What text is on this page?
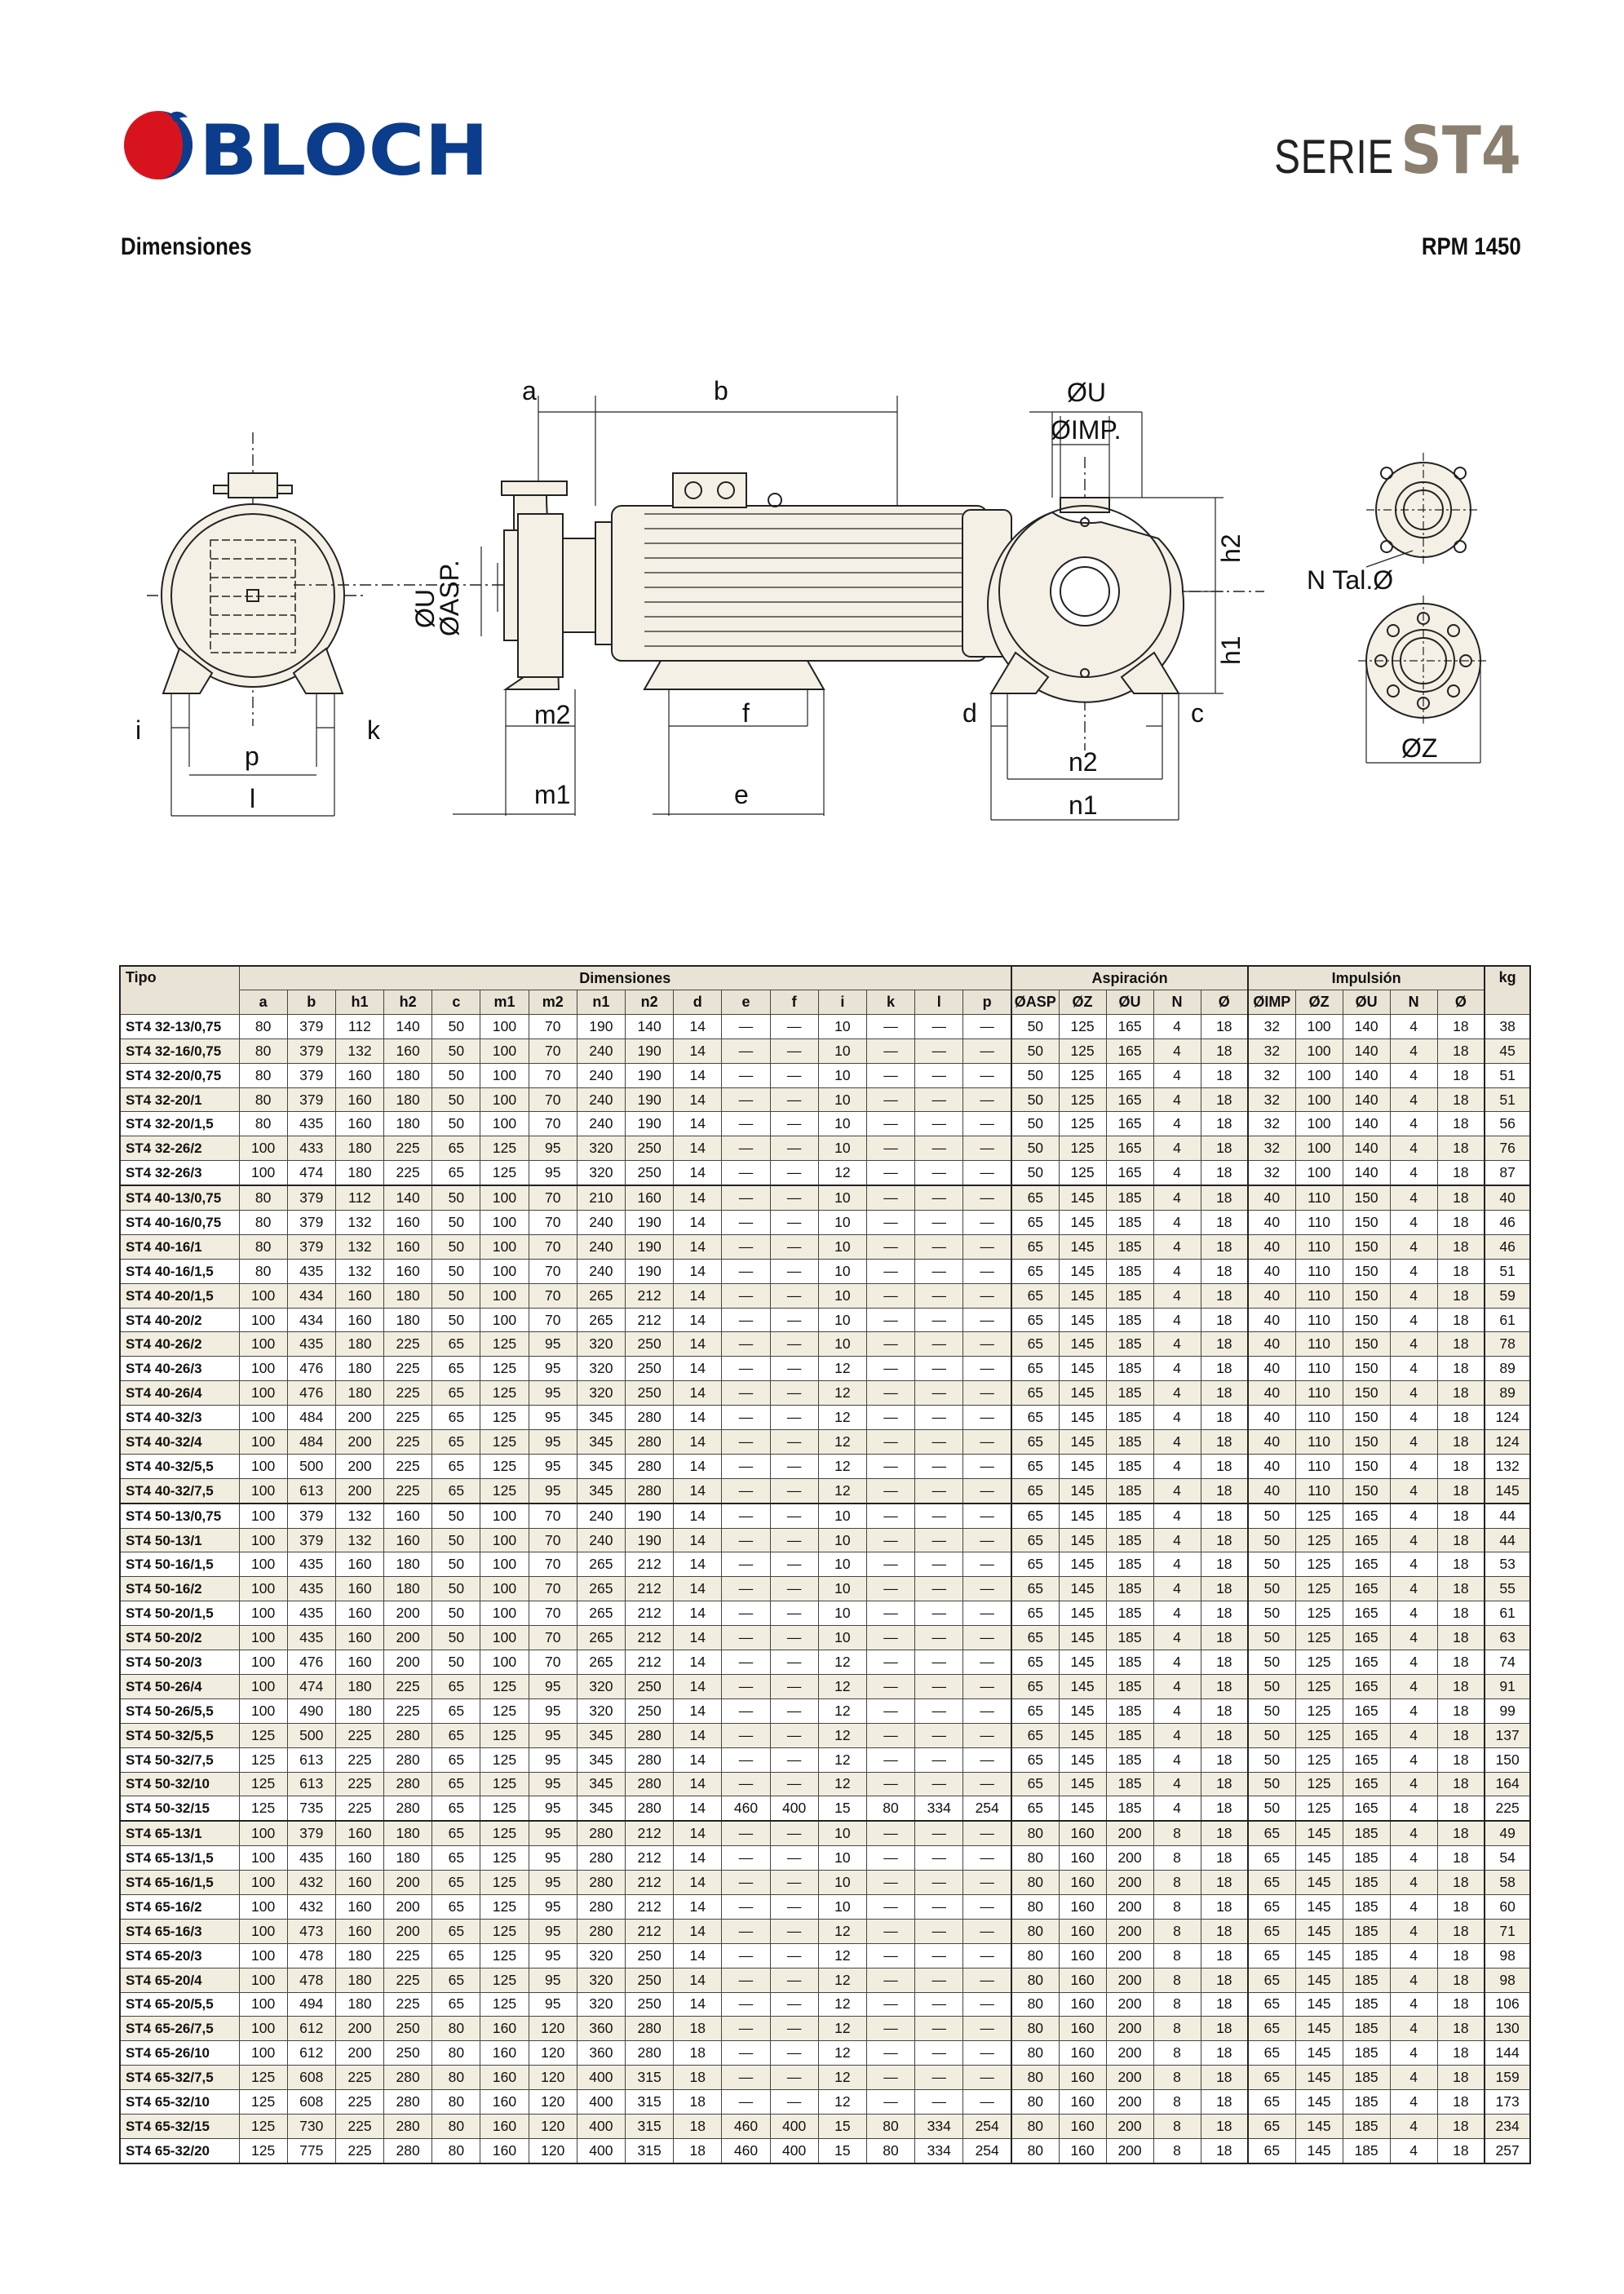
BLOCH	SERIE ST4
Dimensiones	RPM 1450
i	k
p
l
a	b
m2
m1
f
e
ØU
ØASP.
ØU
ØIMP.
d	c
n2
n1
h2
h1
N Tal.Ø
ØZ
Tipo	Dimensiones																Aspiración					Impulsión					kg
	a	b	h1	h2	c	m1	m2	n1	n2	d	e	f	i	k	l	p	ØASP	ØZ	ØU	N	Ø	ØIMP	ØZ	ØU	N	Ø	
ST4 32-13/0,75	80	379	112	140	50	100	70	190	140	14	—	—	10	—	—	—	50	125	165	4	18	32	100	140	4	18	38
ST4 32-16/0,75	80	379	132	160	50	100	70	240	190	14	—	—	10	—	—	—	50	125	165	4	18	32	100	140	4	18	45
ST4 32-20/0,75	80	379	160	180	50	100	70	240	190	14	—	—	10	—	—	—	50	125	165	4	18	32	100	140	4	18	51
ST4 32-20/1	80	379	160	180	50	100	70	240	190	14	—	—	10	—	—	—	50	125	165	4	18	32	100	140	4	18	51
ST4 32-20/1,5	80	435	160	180	50	100	70	240	190	14	—	—	10	—	—	—	50	125	165	4	18	32	100	140	4	18	56
ST4 32-26/2	100	433	180	225	65	125	95	320	250	14	—	—	10	—	—	—	50	125	165	4	18	32	100	140	4	18	76
ST4 32-26/3	100	474	180	225	65	125	95	320	250	14	—	—	12	—	—	—	50	125	165	4	18	32	100	140	4	18	87
ST4 40-13/0,75	80	379	112	140	50	100	70	210	160	14	—	—	10	—	—	—	65	145	185	4	18	40	110	150	4	18	40
ST4 40-16/0,75	80	379	132	160	50	100	70	240	190	14	—	—	10	—	—	—	65	145	185	4	18	40	110	150	4	18	46
ST4 40-16/1	80	379	132	160	50	100	70	240	190	14	—	—	10	—	—	—	65	145	185	4	18	40	110	150	4	18	46
ST4 40-16/1,5	80	435	132	160	50	100	70	240	190	14	—	—	10	—	—	—	65	145	185	4	18	40	110	150	4	18	51
ST4 40-20/1,5	100	434	160	180	50	100	70	265	212	14	—	—	10	—	—	—	65	145	185	4	18	40	110	150	4	18	59
ST4 40-20/2	100	434	160	180	50	100	70	265	212	14	—	—	10	—	—	—	65	145	185	4	18	40	110	150	4	18	61
ST4 40-26/2	100	435	180	225	65	125	95	320	250	14	—	—	10	—	—	—	65	145	185	4	18	40	110	150	4	18	78
ST4 40-26/3	100	476	180	225	65	125	95	320	250	14	—	—	12	—	—	—	65	145	185	4	18	40	110	150	4	18	89
ST4 40-26/4	100	476	180	225	65	125	95	320	250	14	—	—	12	—	—	—	65	145	185	4	18	40	110	150	4	18	89
ST4 40-32/3	100	484	200	225	65	125	95	345	280	14	—	—	12	—	—	—	65	145	185	4	18	40	110	150	4	18	124
ST4 40-32/4	100	484	200	225	65	125	95	345	280	14	—	—	12	—	—	—	65	145	185	4	18	40	110	150	4	18	124
ST4 40-32/5,5	100	500	200	225	65	125	95	345	280	14	—	—	12	—	—	—	65	145	185	4	18	40	110	150	4	18	132
ST4 40-32/7,5	100	613	200	225	65	125	95	345	280	14	—	—	12	—	—	—	65	145	185	4	18	40	110	150	4	18	145
ST4 50-13/0,75	100	379	132	160	50	100	70	240	190	14	—	—	10	—	—	—	65	145	185	4	18	50	125	165	4	18	44
ST4 50-13/1	100	379	132	160	50	100	70	240	190	14	—	—	10	—	—	—	65	145	185	4	18	50	125	165	4	18	44
ST4 50-16/1,5	100	435	160	180	50	100	70	265	212	14	—	—	10	—	—	—	65	145	185	4	18	50	125	165	4	18	53
ST4 50-16/2	100	435	160	180	50	100	70	265	212	14	—	—	10	—	—	—	65	145	185	4	18	50	125	165	4	18	55
ST4 50-20/1,5	100	435	160	200	50	100	70	265	212	14	—	—	10	—	—	—	65	145	185	4	18	50	125	165	4	18	61
ST4 50-20/2	100	435	160	200	50	100	70	265	212	14	—	—	10	—	—	—	65	145	185	4	18	50	125	165	4	18	63
ST4 50-20/3	100	476	160	200	50	100	70	265	212	14	—	—	12	—	—	—	65	145	185	4	18	50	125	165	4	18	74
ST4 50-26/4	100	474	180	225	65	125	95	320	250	14	—	—	12	—	—	—	65	145	185	4	18	50	125	165	4	18	91
ST4 50-26/5,5	100	490	180	225	65	125	95	320	250	14	—	—	12	—	—	—	65	145	185	4	18	50	125	165	4	18	99
ST4 50-32/5,5	125	500	225	280	65	125	95	345	280	14	—	—	12	—	—	—	65	145	185	4	18	50	125	165	4	18	137
ST4 50-32/7,5	125	613	225	280	65	125	95	345	280	14	—	—	12	—	—	—	65	145	185	4	18	50	125	165	4	18	150
ST4 50-32/10	125	613	225	280	65	125	95	345	280	14	—	—	12	—	—	—	65	145	185	4	18	50	125	165	4	18	164
ST4 50-32/15	125	735	225	280	65	125	95	345	280	14	460	400	15	80	334	254	65	145	185	4	18	50	125	165	4	18	225
ST4 65-13/1	100	379	160	180	65	125	95	280	212	14	—	—	10	—	—	—	80	160	200	8	18	65	145	185	4	18	49
ST4 65-13/1,5	100	435	160	180	65	125	95	280	212	14	—	—	10	—	—	—	80	160	200	8	18	65	145	185	4	18	54
ST4 65-16/1,5	100	432	160	200	65	125	95	280	212	14	—	—	10	—	—	—	80	160	200	8	18	65	145	185	4	18	58
ST4 65-16/2	100	432	160	200	65	125	95	280	212	14	—	—	10	—	—	—	80	160	200	8	18	65	145	185	4	18	60
ST4 65-16/3	100	473	160	200	65	125	95	280	212	14	—	—	12	—	—	—	80	160	200	8	18	65	145	185	4	18	71
ST4 65-20/3	100	478	180	225	65	125	95	320	250	14	—	—	12	—	—	—	80	160	200	8	18	65	145	185	4	18	98
ST4 65-20/4	100	478	180	225	65	125	95	320	250	14	—	—	12	—	—	—	80	160	200	8	18	65	145	185	4	18	98
ST4 65-20/5,5	100	494	180	225	65	125	95	320	250	14	—	—	12	—	—	—	80	160	200	8	18	65	145	185	4	18	106
ST4 65-26/7,5	100	612	200	250	80	160	120	360	280	18	—	—	12	—	—	—	80	160	200	8	18	65	145	185	4	18	130
ST4 65-26/10	100	612	200	250	80	160	120	360	280	18	—	—	12	—	—	—	80	160	200	8	18	65	145	185	4	18	144
ST4 65-32/7,5	125	608	225	280	80	160	120	400	315	18	—	—	12	—	—	—	80	160	200	8	18	65	145	185	4	18	159
ST4 65-32/10	125	608	225	280	80	160	120	400	315	18	—	—	12	—	—	—	80	160	200	8	18	65	145	185	4	18	173
ST4 65-32/15	125	730	225	280	80	160	120	400	315	18	460	400	15	80	334	254	80	160	200	8	18	65	145	185	4	18	234
ST4 65-32/20	125	775	225	280	80	160	120	400	315	18	460	400	15	80	334	254	80	160	200	8	18	65	145	185	4	18	257
